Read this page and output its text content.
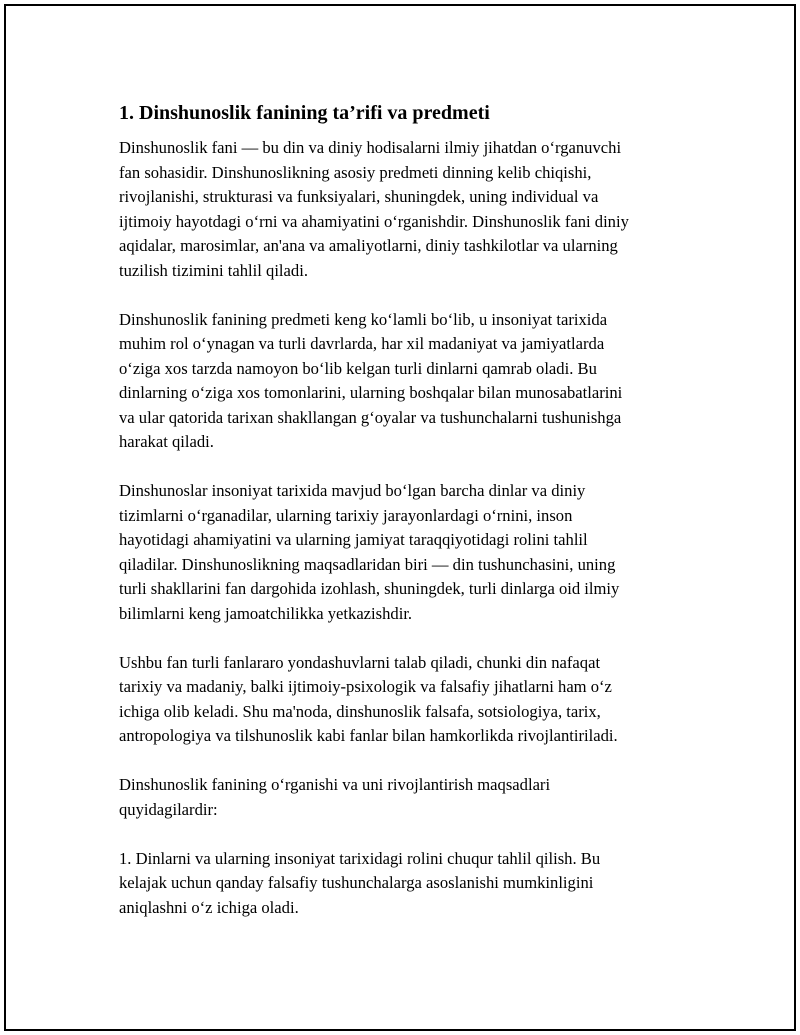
1. Dinshunoslik fanining ta’rifi va predmeti

Dinshunoslik fani — bu din va diniy hodisalarni ilmiy jihatdan o‘rganuvchi
fan sohasidir. Dinshunoslikning asosiy predmeti dinning kelib chiqishi,
rivojlanishi, strukturasi va funksiyalari, shuningdek, uning individual va
ijtimoiy hayotdagi o‘rni va ahamiyatini o‘rganishdir. Dinshunoslik fani diniy
aqidalar, marosimlar, an'ana va amaliyotlarni, diniy tashkilotlar va ularning
tuzilish tizimini tahlil qiladi.

Dinshunoslik fanining predmeti keng ko‘lamli bo‘lib, u insoniyat tarixida
muhim rol o‘ynagan va turli davrlarda, har xil madaniyat va jamiyatlarda
o‘ziga xos tarzda namoyon bo‘lib kelgan turli dinlarni qamrab oladi. Bu
dinlarning o‘ziga xos tomonlarini, ularning boshqalar bilan munosabatlarini
va ular qatorida tarixan shakllangan g‘oyalar va tushunchalarni tushunishga
harakat qiladi.

Dinshunoslar insoniyat tarixida mavjud bo‘lgan barcha dinlar va diniy
tizimlarni o‘rganadilar, ularning tarixiy jarayonlardagi o‘rnini, inson
hayotidagi ahamiyatini va ularning jamiyat taraqqiyotidagi rolini tahlil
qiladilar. Dinshunoslikning maqsadlaridan biri — din tushunchasini, uning
turli shakllarini fan dargohida izohlash, shuningdek, turli dinlarga oid ilmiy
bilimlarni keng jamoatchilikka yetkazishdir.

Ushbu fan turli fanlararo yondashuvlarni talab qiladi, chunki din nafaqat
tarixiy va madaniy, balki ijtimoiy-psixologik va falsafiy jihatlarni ham o‘z
ichiga olib keladi. Shu ma'noda, dinshunoslik falsafa, sotsiologiya, tarix,
antropologiya va tilshunoslik kabi fanlar bilan hamkorlikda rivojlantiriladi.

Dinshunoslik fanining o‘rganishi va uni rivojlantirish maqsadlari
quyidagilardir:

1. Dinlarni va ularning insoniyat tarixidagi rolini chuqur tahlil qilish. Bu
kelajak uchun qanday falsafiy tushunchalarga asoslanishi mumkinligini
aniqlashni o‘z ichiga oladi.
